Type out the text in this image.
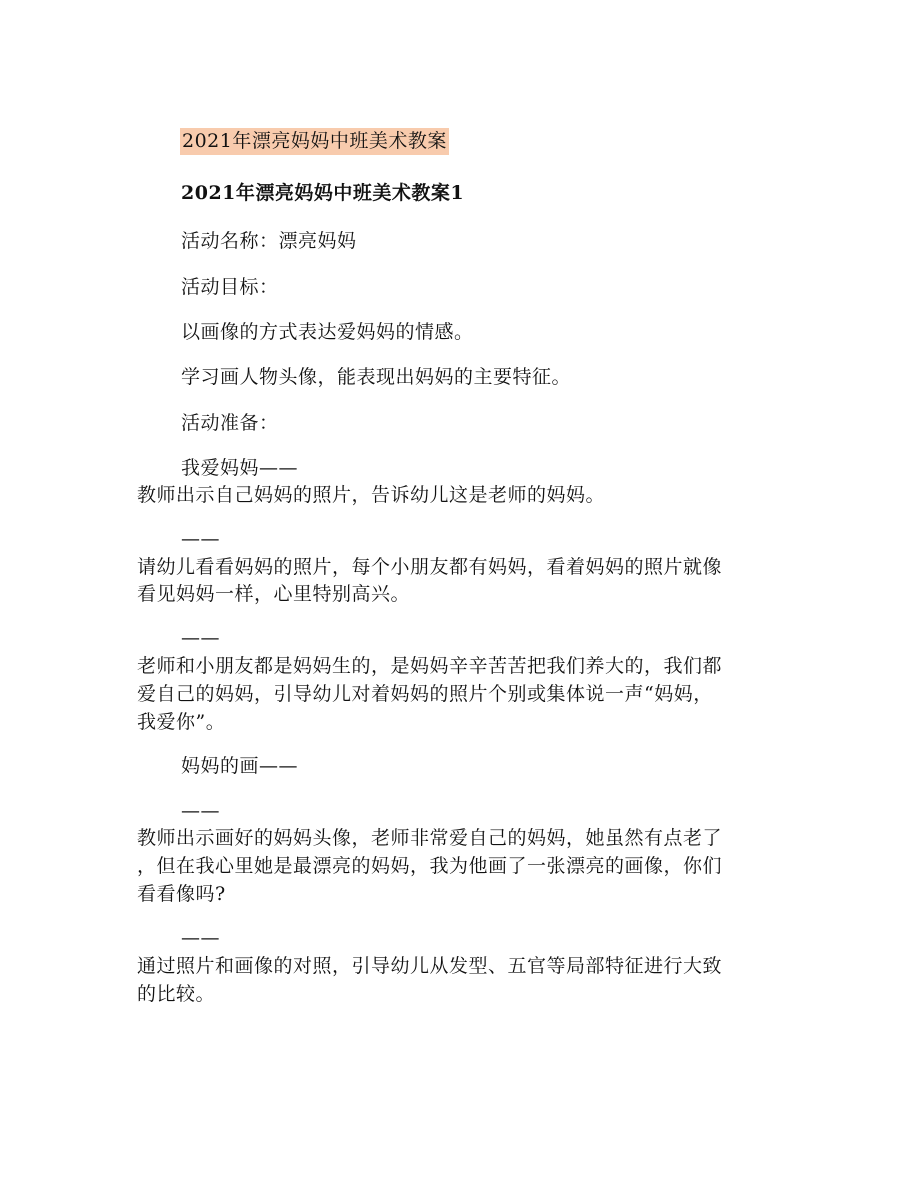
2021年漂亮妈妈中班美术教案
2021年漂亮妈妈中班美术教案1
活动名称：漂亮妈妈
活动目标：
以画像的方式表达爱妈妈的情感。
学习画人物头像，能表现出妈妈的主要特征。
活动准备：
我爱妈妈——
教师出示自己妈妈的照片，告诉幼儿这是老师的妈妈。
——
请幼儿看看妈妈的照片，每个小朋友都有妈妈，看着妈妈的照片就像
看见妈妈一样，心里特别高兴。
——
老师和小朋友都是妈妈生的，是妈妈辛辛苦苦把我们养大的，我们都
爱自己的妈妈，引导幼儿对着妈妈的照片个别或集体说一声“妈妈，
我爱你”。
妈妈的画——
——
教师出示画好的妈妈头像，老师非常爱自己的妈妈，她虽然有点老了
，但在我心里她是最漂亮的妈妈，我为他画了一张漂亮的画像，你们
看看像吗?
——
通过照片和画像的对照，引导幼儿从发型、五官等局部特征进行大致
的比较。
